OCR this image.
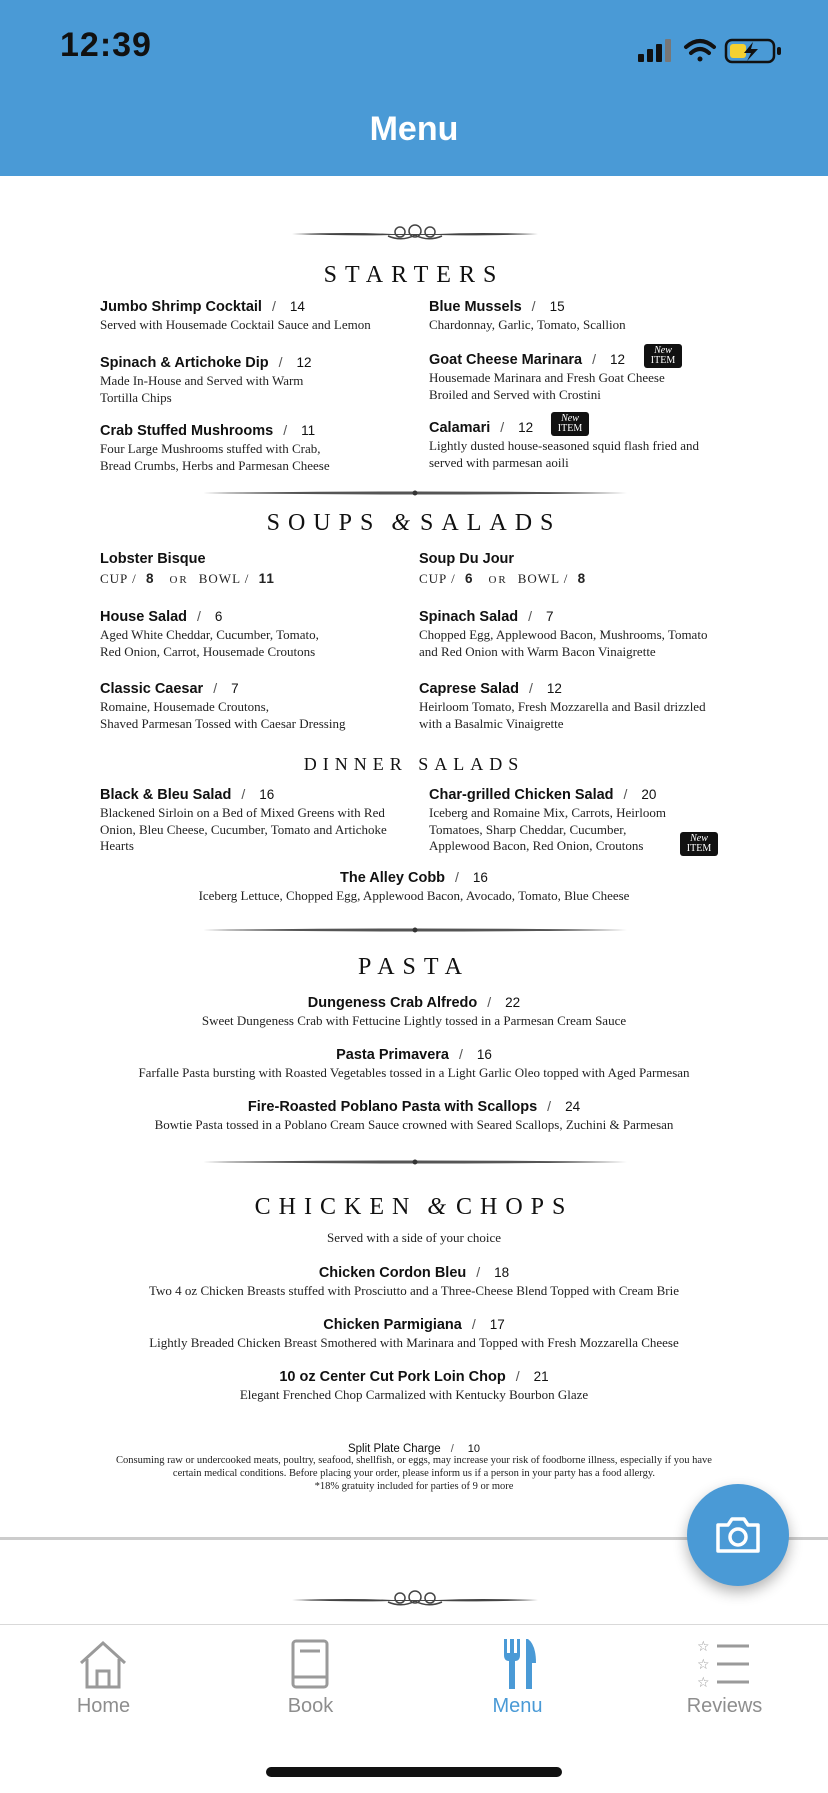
12:39
Menu
STARTERS
Jumbo Shrimp Cocktail / 14
Served with Housemade Cocktail Sauce and Lemon
Spinach & Artichoke Dip / 12
Made In-House and Served with Warm
Tortilla Chips
Crab Stuffed Mushrooms / 11
Four Large Mushrooms stuffed with Crab,
Bread Crumbs, Herbs and Parmesan Cheese
Blue Mussels / 15
Chardonnay, Garlic, Tomato, Scallion
Goat Cheese Marinara / 12
Housemade Marinara and Fresh Goat Cheese
Broiled and Served with Crostini
New
ITEM
Calamari / 12
Lightly dusted house-seasoned squid flash fried and
served with parmesan aoili
New
ITEM
SOUPS & SALADS
Lobster Bisque
CUP / 8 OR BOWL / 11
Soup Du Jour
CUP / 6 OR BOWL / 8
House Salad / 6
Aged White Cheddar, Cucumber, Tomato,
Red Onion, Carrot, Housemade Croutons
Classic Caesar / 7
Romaine, Housemade Croutons,
Shaved Parmesan Tossed with Caesar Dressing
Spinach Salad / 7
Chopped Egg, Applewood Bacon, Mushrooms, Tomato
and Red Onion with Warm Bacon Vinaigrette
Caprese Salad / 12
Heirloom Tomato, Fresh Mozzarella and Basil drizzled
with a Basalmic Vinaigrette
DINNER SALADS
Black & Bleu Salad / 16
Blackened Sirloin on a Bed of Mixed Greens with Red
Onion, Bleu Cheese, Cucumber, Tomato and Artichoke
Hearts
Char-grilled Chicken Salad / 20
Iceberg and Romaine Mix, Carrots, Heirloom
Tomatoes, Sharp Cheddar, Cucumber,
Applewood Bacon, Red Onion, Croutons	New
ITEM
The Alley Cobb / 16
Iceberg Lettuce, Chopped Egg, Applewood Bacon, Avocado, Tomato, Blue Cheese
PASTA
Dungeness Crab Alfredo / 22
Sweet Dungeness Crab with Fettucine Lightly tossed in a Parmesan Cream Sauce
Pasta Primavera / 16
Farfalle Pasta bursting with Roasted Vegetables tossed in a Light Garlic Oleo topped with Aged Parmesan
Fire-Roasted Poblano Pasta with Scallops / 24
Bowtie Pasta tossed in a Poblano Cream Sauce crowned with Seared Scallops, Zuchini & Parmesan
CHICKEN & CHOPS
Served with a side of your choice
Chicken Cordon Bleu / 18
Two 4 oz Chicken Breasts stuffed with Prosciutto and a Three-Cheese Blend Topped with Cream Brie
Chicken Parmigiana / 17
Lightly Breaded Chicken Breast Smothered with Marinara and Topped with Fresh Mozzarella Cheese
10 oz Center Cut Pork Loin Chop / 21
Elegant Frenched Chop Carmalized with Kentucky Bourbon Glaze
Split Plate Charge / 10
Consuming raw or undercooked meats, poultry, seafood, shellfish, or eggs, may increase your risk of foodborne illness, especially if you have
certain medical conditions. Before placing your order, please inform us if a person in your party has a food allergy.
*18% gratuity included for parties of 9 or more
Home	Book	Menu
☆
☆
☆
Reviews
